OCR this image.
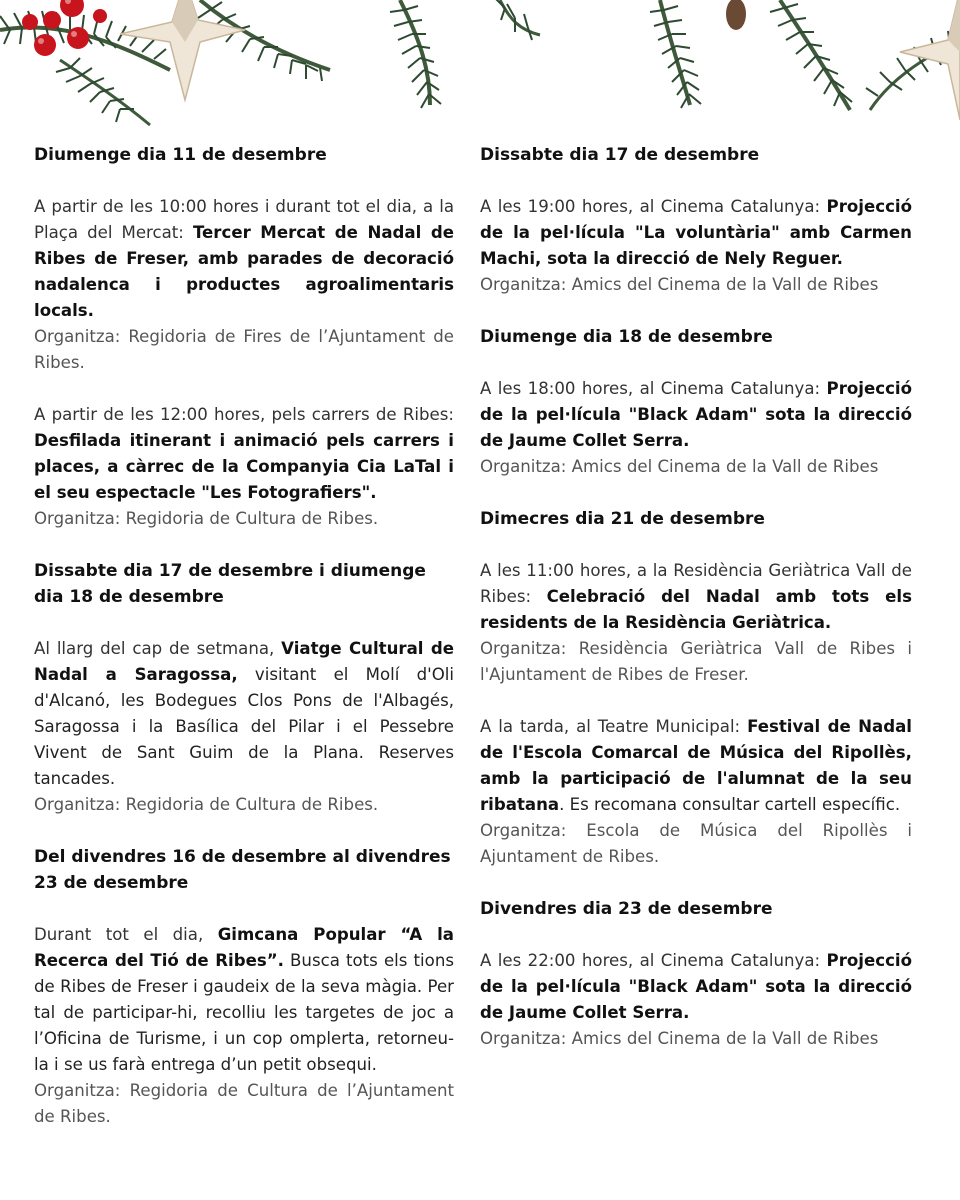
Diumenge dia 11 de desembre

A partir de les 10:00 hores i durant tot el dia, a la Plaça del Mercat: Tercer Mercat de Nadal de Ribes de Freser, amb parades de decoració nadalenca i productes agroalimentaris locals.

Organitza: Regidoria de Fires de l’Ajuntament de Ribes.

A partir de les 12:00 hores, pels carrers de Ribes: Desfilada itinerant i animació pels carrers i places, a càrrec de la Companyia Cia LaTal i el seu espectacle "Les Fotografiers".

Organitza: Regidoria de Cultura de Ribes.

Dissabte dia 17 de desembre i diumenge dia 18 de desembre

Al llarg del cap de setmana, Viatge Cultural de Nadal a Saragossa, visitant el Molí d'Oli d'Alcanó, les Bodegues Clos Pons de l'Albagés, Saragossa i la Basílica del Pilar i el Pessebre Vivent de Sant Guim de la Plana. Reserves tancades.

Organitza: Regidoria de Cultura de Ribes.

Del divendres 16 de desembre al divendres 23 de desembre

Durant tot el dia, Gimcana Popular “A la Recerca del Tió de Ribes”. Busca tots els tions de Ribes de Freser i gaudeix de la seva màgia. Per tal de participar-hi, recolliu les targetes de joc a l’Oficina de Turisme, i un cop omplerta, retorneu-la i se us farà entrega d’un petit obsequi.

Organitza: Regidoria de Cultura de l’Ajuntament de Ribes.

Dissabte dia 17 de desembre

A les 19:00 hores, al Cinema Catalunya: Projecció de la pel·lícula "La voluntària" amb Carmen Machi, sota la direcció de Nely Reguer.

Organitza: Amics del Cinema de la Vall de Ribes

Diumenge dia 18 de desembre

A les 18:00 hores, al Cinema Catalunya: Projecció de la pel·lícula "Black Adam" sota la direcció de Jaume Collet Serra.

Organitza: Amics del Cinema de la Vall de Ribes

Dimecres dia 21 de desembre

A les 11:00 hores, a la Residència Geriàtrica Vall de Ribes: Celebració del Nadal amb tots els residents de la Residència Geriàtrica.

Organitza: Residència Geriàtrica Vall de Ribes i l'Ajuntament de Ribes de Freser.

A la tarda, al Teatre Municipal: Festival de Nadal de l'Escola Comarcal de Música del Ripollès, amb la participació de l'alumnat de la seu ribatana. Es recomana consultar cartell específic.

Organitza: Escola de Música del Ripollès i Ajuntament de Ribes.

Divendres dia 23 de desembre

A les 22:00 hores, al Cinema Catalunya: Projecció de la pel·lícula "Black Adam" sota la direcció de Jaume Collet Serra.

Organitza: Amics del Cinema de la Vall de Ribes
